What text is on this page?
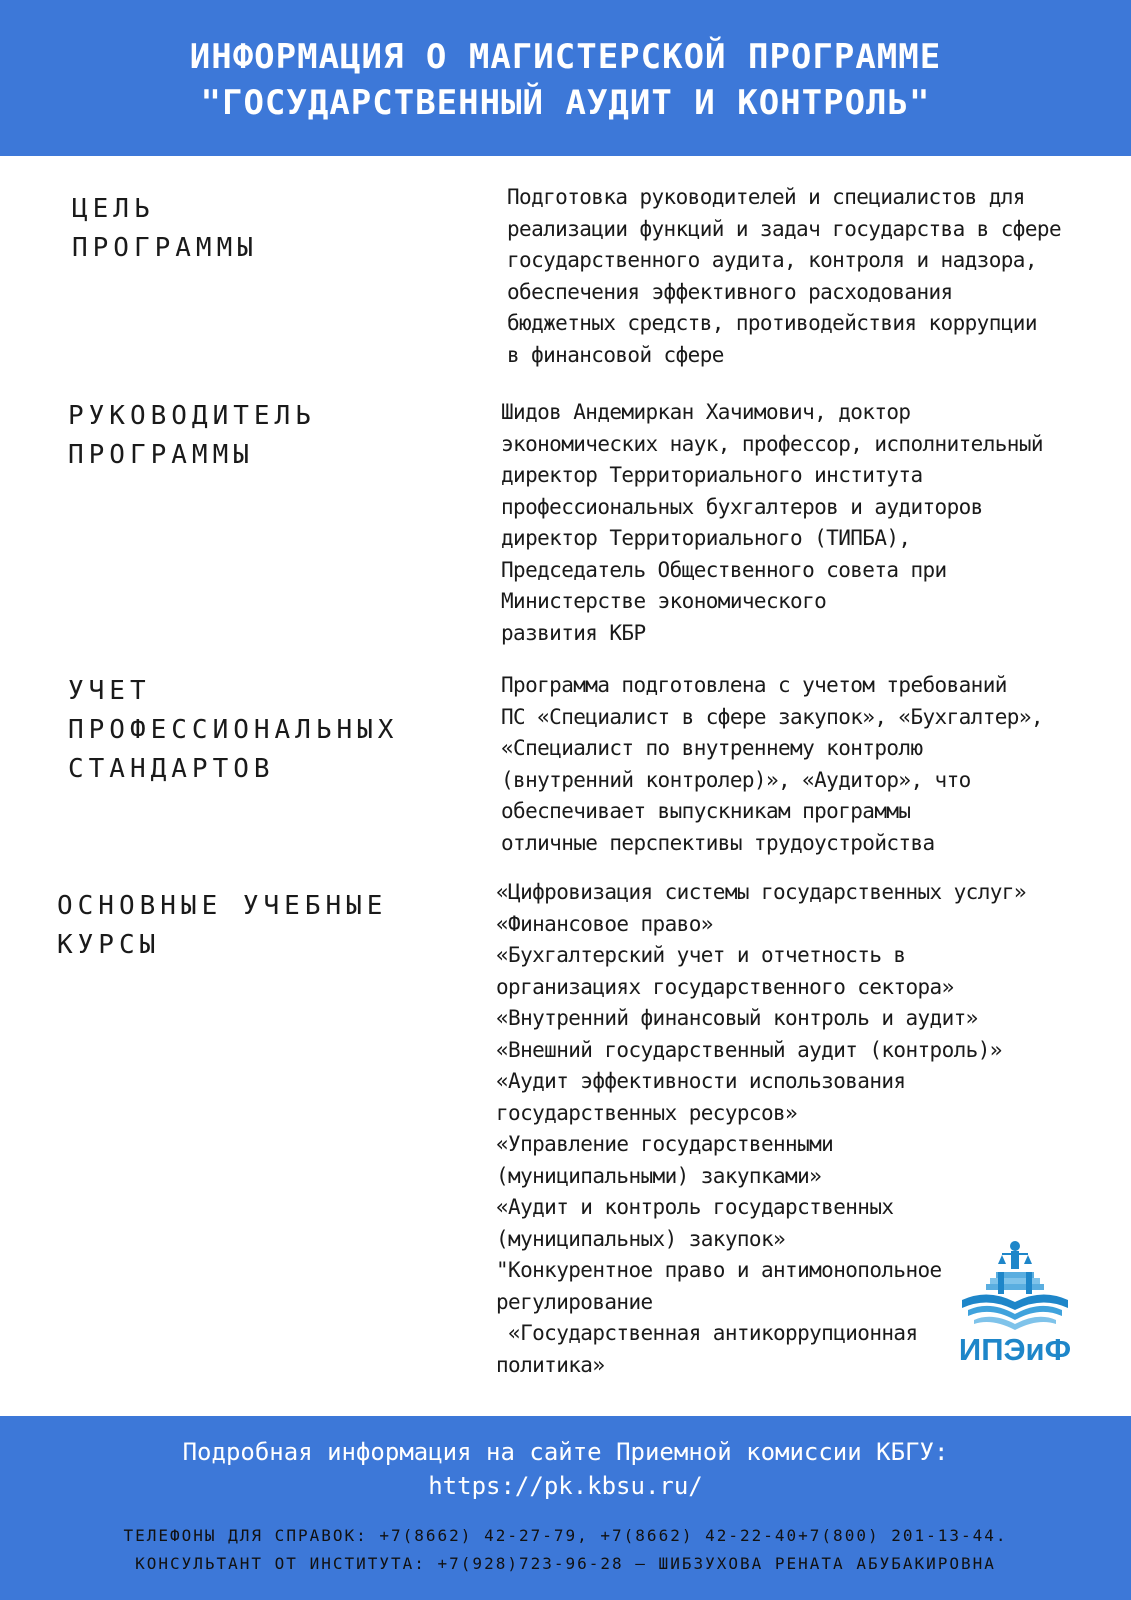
ИНФОРМАЦИЯ О МАГИСТЕРСКОЙ ПРОГРАММЕ
"ГОСУДАРСТВЕННЫЙ АУДИТ И КОНТРОЛЬ"
ЦЕЛЬ
ПРОГРАММЫ
Подготовка руководителей и специалистов для
реализации функций и задач государства в сфере
государственного аудита, контроля и надзора,
обеспечения эффективного расходования
бюджетных средств, противодействия коррупции
в финансовой сфере
РУКОВОДИТЕЛЬ
ПРОГРАММЫ
Шидов Андемиркан Хачимович, доктор
экономических наук, профессор, исполнительный
директор Территориального института
профессиональных бухгалтеров и аудиторов
директор Территориального (ТИПБА),
Председатель Общественного совета при
Министерстве экономического
развития КБР
УЧЕТ
ПРОФЕССИОНАЛЬНЫХ
СТАНДАРТОВ
Программа подготовлена с учетом требований
ПС «Специалист в сфере закупок», «Бухгалтер»,
«Специалист по внутреннему контролю
(внутренний контролер)», «Аудитор», что
обеспечивает выпускникам программы
отличные перспективы трудоустройства
ОСНОВНЫЕ УЧЕБНЫЕ
КУРСЫ
«Цифровизация системы государственных услуг»
«Финансовое право»
«Бухгалтерский учет и отчетность в
организациях государственного сектора»
«Внутренний финансовый контроль и аудит»
«Внешний государственный аудит (контроль)»
«Аудит эффективности использования
государственных ресурсов»
«Управление государственными
(муниципальными) закупками»
«Аудит и контроль государственных
(муниципальных) закупок»
"Конкурентное право и антимонопольное
регулирование
«Государственная антикоррупционная
политика»	ИПЭиФ
Подробная информация на сайте Приемной комиссии КБГУ:
https://pk.kbsu.ru/
ТЕЛЕФОНЫ ДЛЯ СПРАВОК: +7(8662) 42-27-79, +7(8662) 42-22-40+7(800) 201-13-44.
КОНСУЛЬТАНТ ОТ ИНСТИТУТА: +7(928)723-96-28 – ШИБЗУХОВА РЕНАТА АБУБАКИРОВНА
